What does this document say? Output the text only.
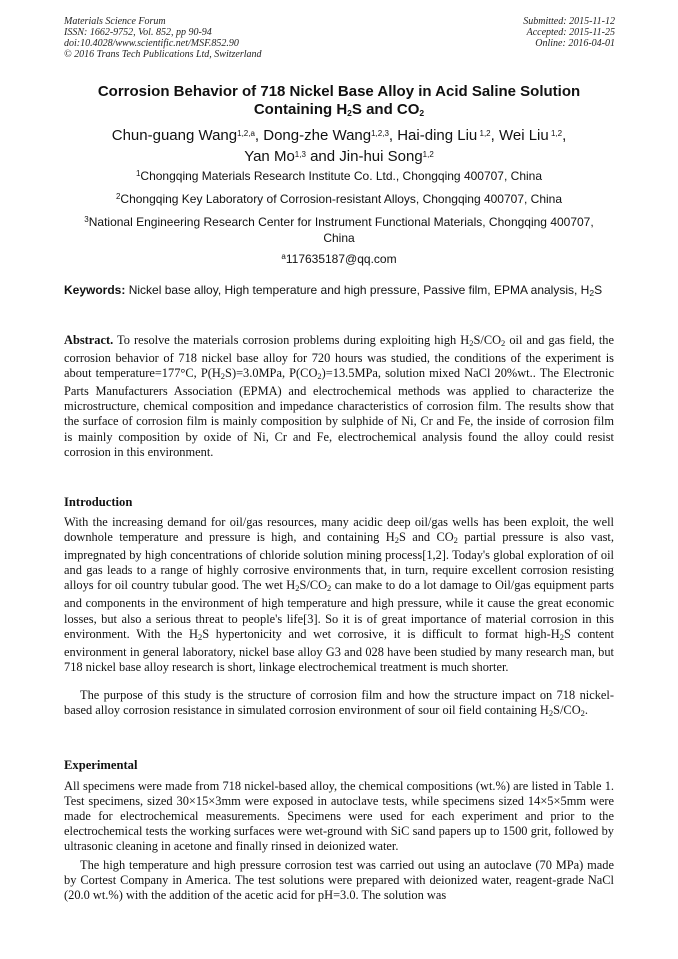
Materials Science Forum
ISSN: 1662-9752, Vol. 852, pp 90-94
doi:10.4028/www.scientific.net/MSF.852.90
© 2016 Trans Tech Publications Ltd, Switzerland
Submitted: 2015-11-12
Accepted: 2015-11-25
Online: 2016-04-01
Corrosion Behavior of 718 Nickel Base Alloy in Acid Saline Solution
Containing $H_2S$ and $CO_2$
Chun-guang Wang$^{1,2,a}$, Dong-zhe Wang$^{1,2,3}$, Hai-ding Liu $^{1,2}$, Wei Liu $^{1,2}$,
Yan Mo$^{1,3}$ and Jin-hui Song$^{1,2}$
$^1$Chongqing Materials Research Institute Co. Ltd., Chongqing 400707, China
$^2$Chongqing Key Laboratory of Corrosion-resistant Alloys, Chongqing 400707, China
$^3$National Engineering Research Center for Instrument Functional Materials, Chongqing 400707,
China
$^a$117635187@qq.com
Keywords: Nickel base alloy, High temperature and high pressure, Passive film, EPMA analysis, $H_2S$
Abstract. To resolve the materials corrosion problems during exploiting high $H_2S/CO_2$ oil and gas field, the corrosion behavior of 718 nickel base alloy for 720 hours was studied, the conditions of the experiment is about temperature=177°C, $P(H_2S)=3.0MPa$, $P(CO_2)=13.5MPa$, solution mixed NaCl 20%wt.. The Electronic Parts Manufacturers Association (EPMA) and electrochemical methods was applied to characterize the microstructure, chemical composition and impedance characteristics of corrosion film. The results show that the surface of corrosion film is mainly composition by sulphide of Ni, Cr and Fe, the inside of corrosion film is mainly composition by oxide of Ni, Cr and Fe, electrochemical analysis found the alloy could resist corrosion in this environment.
Introduction
With the increasing demand for oil/gas resources, many acidic deep oil/gas wells has been exploit, the well downhole temperature and pressure is high, and containing $H_2S$ and $CO_2$ partial pressure is also vast, impregnated by high concentrations of chloride solution mining process[1,2]. Today's global exploration of oil and gas leads to a range of highly corrosive environments that, in turn, require excellent corrosion resisting alloys for oil country tubular good. The wet $H_2S/CO_2$ can make to do a lot damage to Oil/gas equipment parts and components in the environment of high temperature and high pressure, while it cause the great economic losses, but also a serious threat to people's life[3]. So it is of great importance of material corrosion in this environment. With the $H_2S$ hypertonicity and wet corrosive, it is difficult to format high-$H_2S$ content environment in general laboratory, nickel base alloy G3 and 028 have been studied by many research man, but 718 nickel base alloy research is short, linkage electrochemical treatment is much shorter.
The purpose of this study is the structure of corrosion film and how the structure impact on 718 nickel-based alloy corrosion resistance in simulated corrosion environment of sour oil field containing $H_2S/CO_2$.
Experimental
All specimens were made from 718 nickel-based alloy, the chemical compositions (wt.%) are listed in Table 1. Test specimens, sized 30×15×3mm were exposed in autoclave tests, while specimens sized 14×5×5mm were made for electrochemical measurements. Specimens were used for each experiment and prior to the electrochemical tests the working surfaces were wet-ground with SiC sand papers up to 1500 grit, followed by ultrasonic cleaning in acetone and finally rinsed in deionized water.
The high temperature and high pressure corrosion test was carried out using an autoclave (70 MPa) made by Cortest Company in America. The test solutions were prepared with deionized water, reagent-grade NaCl (20.0 wt.%) with the addition of the acetic acid for pH=3.0. The solution was
